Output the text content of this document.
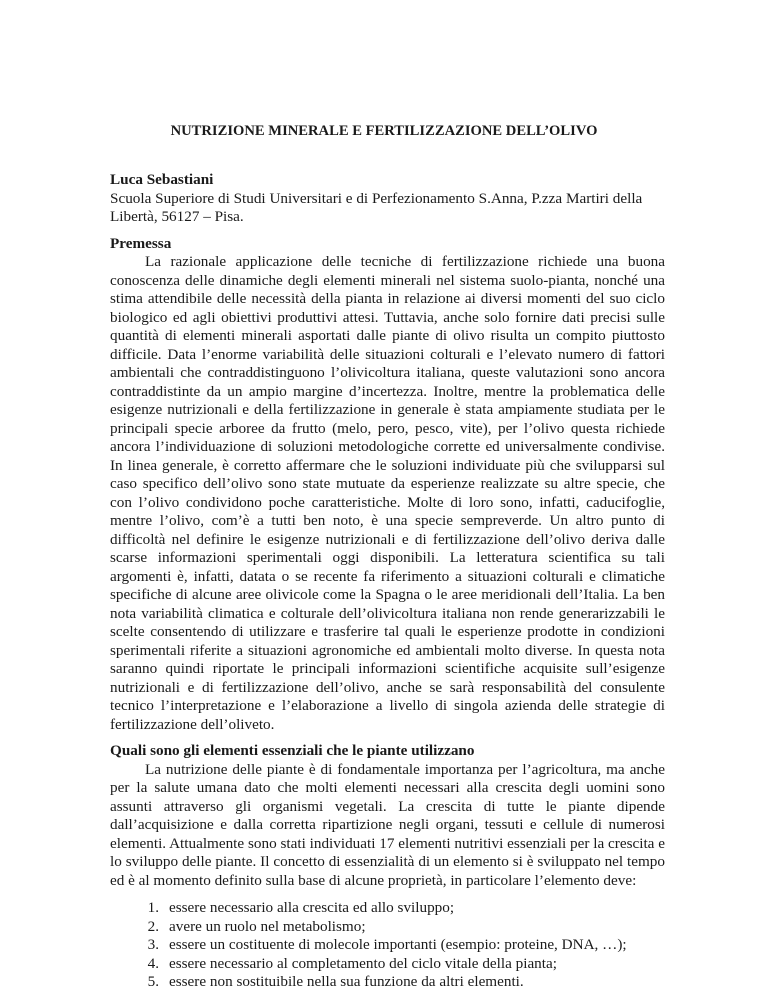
NUTRIZIONE MINERALE E FERTILIZZAZIONE DELL’OLIVO

Luca Sebastiani

Scuola Superiore di Studi Universitari e di Perfezionamento S.Anna, P.zza Martiri della Libertà, 56127 – Pisa.

Premessa

La razionale applicazione delle tecniche di fertilizzazione richiede una buona conoscenza delle dinamiche degli elementi minerali nel sistema suolo-pianta, nonché una stima attendibile delle necessità della pianta in relazione ai diversi momenti del suo ciclo biologico ed agli obiettivi produttivi attesi. Tuttavia, anche solo fornire dati precisi sulle quantità di elementi minerali asportati dalle piante di olivo risulta un compito piuttosto difficile. Data l’enorme variabilità delle situazioni colturali e l’elevato numero di fattori ambientali che contraddistinguono l’olivicoltura italiana, queste valutazioni sono ancora contraddistinte da un ampio margine d’incertezza. Inoltre, mentre la problematica delle esigenze nutrizionali e della fertilizzazione in generale è stata ampiamente studiata per le principali specie arboree da frutto (melo, pero, pesco, vite), per l’olivo questa richiede ancora l’individuazione di soluzioni metodologiche corrette ed universalmente condivise. In linea generale, è corretto affermare che le soluzioni individuate più che svilupparsi sul caso specifico dell’olivo sono state mutuate da esperienze realizzate su altre specie, che con l’olivo condividono poche caratteristiche. Molte di loro sono, infatti, caducifoglie, mentre l’olivo, com’è a tutti ben noto, è una specie sempreverde. Un altro punto di difficoltà nel definire le esigenze nutrizionali e di fertilizzazione dell’olivo deriva dalle scarse informazioni sperimentali oggi disponibili. La letteratura scientifica su tali argomenti è, infatti, datata o se recente fa riferimento a situazioni colturali e climatiche specifiche di alcune aree olivicole come la Spagna o le aree meridionali dell’Italia. La ben nota variabilità climatica e colturale dell’olivicoltura italiana non rende generarizzabili le scelte consentendo di utilizzare e trasferire tal quali le esperienze prodotte in condizioni sperimentali riferite a situazioni agronomiche ed ambientali molto diverse. In questa nota saranno quindi riportate le principali informazioni scientifiche acquisite sull’esigenze nutrizionali e di fertilizzazione dell’olivo, anche se sarà responsabilità del consulente tecnico l’interpretazione e l’elaborazione a livello di singola azienda delle strategie di fertilizzazione dell’oliveto.

Quali sono gli elementi essenziali che le piante utilizzano

La nutrizione delle piante è di fondamentale importanza per l’agricoltura, ma anche per la salute umana dato che molti elementi necessari alla crescita degli uomini sono assunti attraverso gli organismi vegetali. La crescita di tutte le piante dipende dall’acquisizione e dalla corretta ripartizione negli organi, tessuti e cellule di numerosi elementi. Attualmente sono stati individuati 17 elementi nutritivi essenziali per la crescita e lo sviluppo delle piante. Il concetto di essenzialità di un elemento si è sviluppato nel tempo ed è al momento definito sulla base di alcune proprietà, in particolare l’elemento deve:

1. essere necessario alla crescita ed allo sviluppo;
2. avere un ruolo nel metabolismo;
3. essere un costituente di molecole importanti (esempio: proteine, DNA, …);
4. essere necessario al completamento del ciclo vitale della pianta;
5. essere non sostituibile nella sua funzione da altri elementi.
